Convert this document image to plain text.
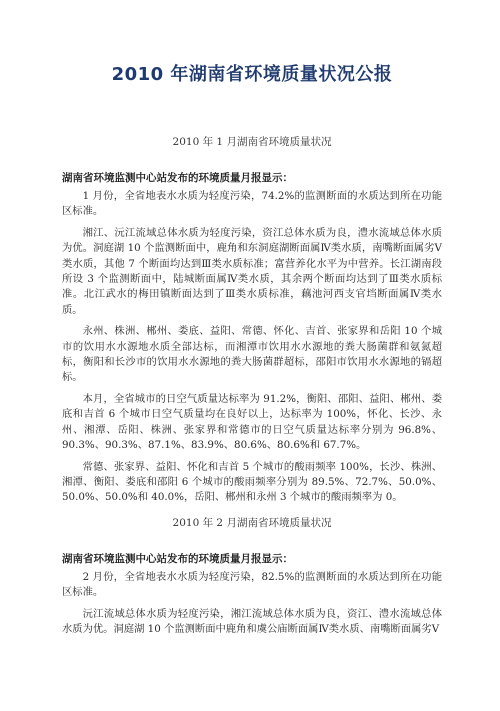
2010 年湖南省环境质量状况公报
2010 年 1 月湖南省环境质量状况
湖南省环境监测中心站发布的环境质量月报显示：
1 月份，全省地表水水质为轻度污染，74.2%的监测断面的水质达到所在功能区标准。
湘江、沅江流域总体水质为轻度污染，资江总体水质为良，澧水流域总体水质为优。洞庭湖 10 个监测断面中，鹿角和东洞庭湖断面属Ⅳ类水质，南嘴断面属劣Ⅴ类水质，其他 7 个断面均达到Ⅲ类水质标准；富营养化水平为中营养。长江湖南段所设 3 个监测断面中，陆城断面属Ⅳ类水质，其余两个断面均达到了Ⅲ类水质标准。北江武水的梅田镇断面达到了Ⅲ类水质标准，藕池河西支官垱断面属Ⅳ类水质。
永州、株洲、郴州、娄底、益阳、常德、怀化、吉首、张家界和岳阳 10 个城市的饮用水水源地水质全部达标，而湘潭市饮用水水源地的粪大肠菌群和氨氮超标，衡阳和长沙市的饮用水水源地的粪大肠菌群超标，邵阳市饮用水水源地的镉超标。
本月，全省城市的日空气质量达标率为 91.2%，衡阳、邵阳、益阳、郴州、娄底和吉首 6 个城市日空气质量均在良好以上，达标率为 100%，怀化、长沙、永州、湘潭、岳阳、株洲、张家界和常德市的日空气质量达标率分别为 96.8%、90.3%、90.3%、87.1%、83.9%、80.6%、80.6%和 67.7%。
常德、张家界、益阳、怀化和吉首 5 个城市的酸雨频率 100%，长沙、株洲、湘潭、衡阳、娄底和邵阳 6 个城市的酸雨频率分别为 89.5%、72.7%、50.0%、50.0%、50.0%和 40.0%，岳阳、郴州和永州 3 个城市的酸雨频率为 0。
2010 年 2 月湖南省环境质量状况
湖南省环境监测中心站发布的环境质量月报显示：
2 月份，全省地表水水质为轻度污染，82.5%的监测断面的水质达到所在功能区标准。
沅江流域总体水质为轻度污染，湘江流域总体水质为良，资江、澧水流域总体水质为优。洞庭湖 10 个监测断面中鹿角和虞公庙断面属Ⅳ类水质、南嘴断面属劣Ⅴ
